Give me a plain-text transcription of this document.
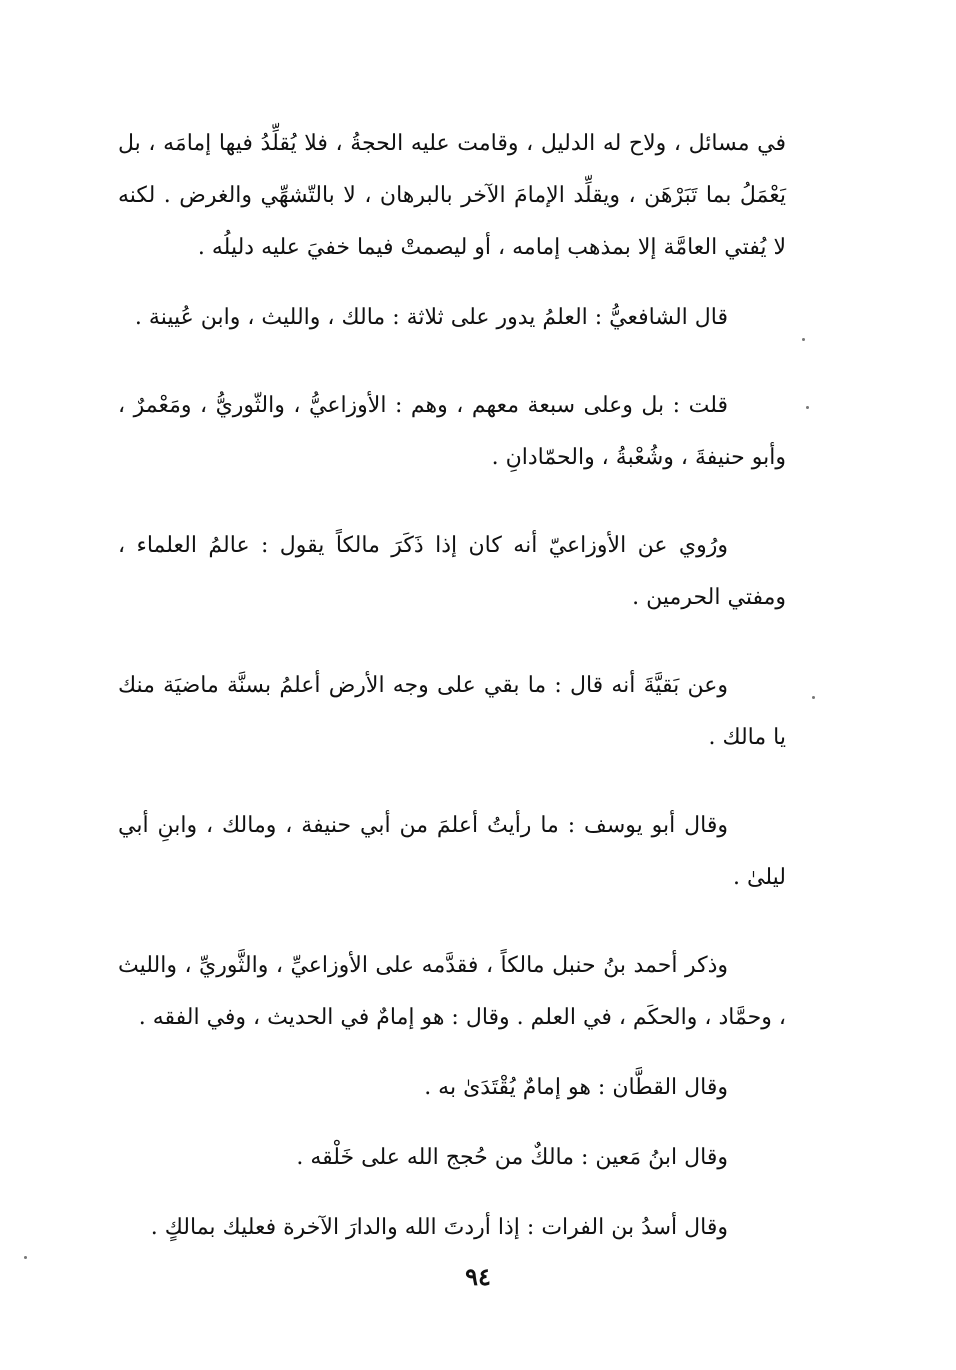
في مسائل ، ولاح له الدليل ، وقامت عليه الحجةُ ، فلا يُقلِّدُ فيها إمامَه ، بل يَعْمَلُ بما تَبَرْهَن ، ويقلِّد الإمامَ الآخر بالبرهان ، لا بالتّشهِّي والغرض . لكنه لا يُفتي العامَّة إلا بمذهب إمامه ، أو ليصمتْ فيما خفيَ عليه دليلُه .

قال الشافعيُّ : العلمُ يدور على ثلاثة : مالك ، والليث ، وابن عُيينة .

قلت : بل وعلى سبعة معهم ، وهم : الأوزاعيُّ ، والثّوريُّ ، ومَعْمرٌ ، وأبو حنيفةَ ، وشُعْبةُ ، والحمّادانِ .

ورُوي عن الأوزاعيّ أنه كان إذا ذَكَرَ مالكاً يقول : عالمُ العلماء ، ومفتي الحرمين .

وعن بَقيَّةَ أنه قال : ما بقي على وجه الأرض أعلمُ بسنَّة ماضيَة منك يا مالك .

وقال أبو يوسف : ما رأيتُ أعلمَ من أبي حنيفة ، ومالك ، وابنِ أبي ليلىٰ .

وذكر أحمد بنُ حنبل مالكاً ، فقدَّمه على الأوزاعيِّ ، والثَّوريِّ ، والليث ، وحمَّاد ، والحكَم ، في العلم . وقال : هو إمامٌ في الحديث ، وفي الفقه .

وقال القطَّان : هو إمامٌ يُقْتَدَىٰ به .

وقال ابنُ مَعين : مالكٌ من حُجج الله على خَلْقه .

وقال أسدُ بن الفرات : إذا أردتَ الله والدارَ الآخرة فعليك بمالكٍ .

٩٤
